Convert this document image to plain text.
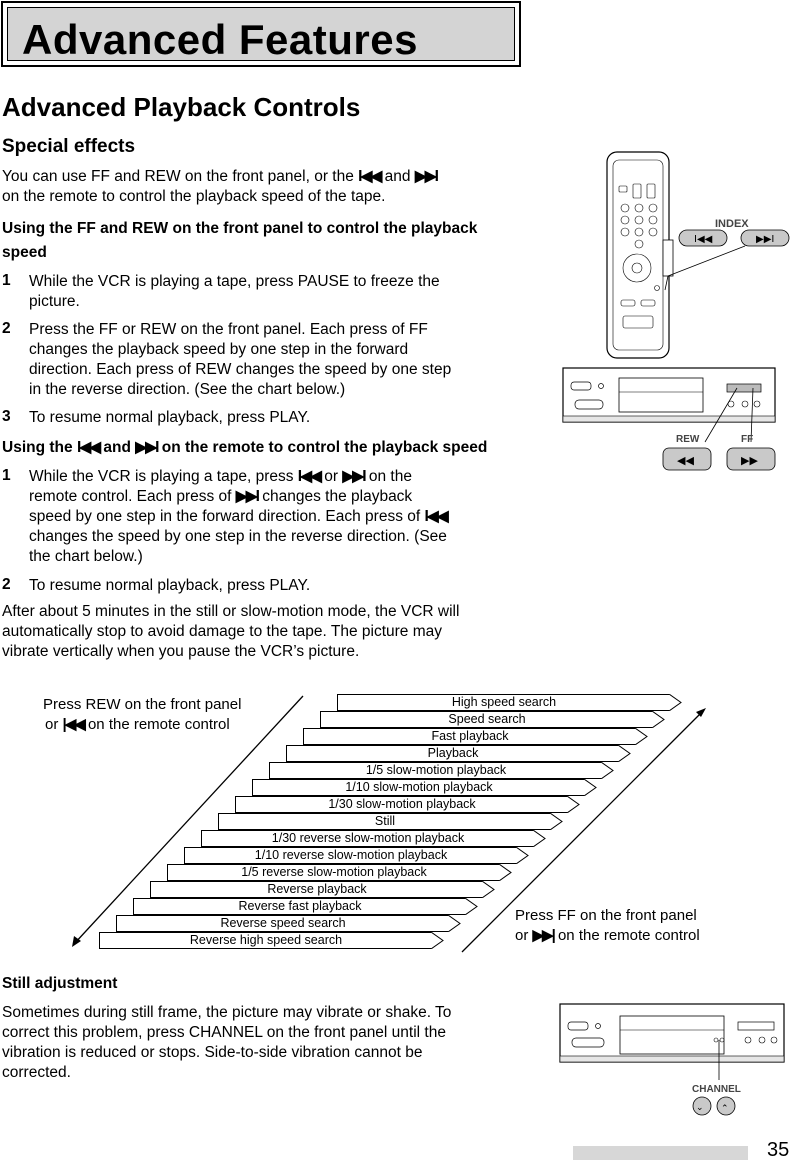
Advanced Features
Advanced Playback Controls
Special effects
You can use FF and REW on the front panel, or the I◀◀ and ▶▶I
on the remote to control the playback speed of the tape.
Using the FF and REW on the front panel to control the playback
speed
1 While the VCR is playing a tape, press PAUSE to freeze the
picture.
2 Press the FF or REW on the front panel. Each press of FF
changes the playback speed by one step in the forward
direction. Each press of REW changes the speed by one step
in the reverse direction. (See the chart below.)
3 To resume normal playback, press PLAY.
Using the I◀◀ and ▶▶I on the remote to control the playback speed
1 While the VCR is playing a tape, press I◀◀ or ▶▶I on the
remote control. Each press of ▶▶I changes the playback
speed by one step in the forward direction. Each press of I◀◀
changes the speed by one step in the reverse direction. (See
the chart below.)
2 To resume normal playback, press PLAY.
After about 5 minutes in the still or slow-motion mode, the VCR will
automatically stop to avoid damage to the tape. The picture may
vibrate vertically when you pause the VCR’s picture.
INDEX
I◀◀	▶▶I
REW	FF
◀◀	▶▶
Press REW on the front panel
or |◀◀ on the remote control
Press FF on the front panel
or ▶▶| on the remote control
High speed search
Speed search
Fast playback
Playback
1/5 slow-motion playback
1/10 slow-motion playback
1/30 slow-motion playback
Still
1/30 reverse slow-motion playback
1/10 reverse slow-motion playback
1/5 reverse slow-motion playback
Reverse playback
Reverse fast playback
Reverse speed search
Reverse high speed search
Still adjustment
Sometimes during still frame, the picture may vibrate or shake. To
correct this problem, press CHANNEL on the front panel until the
vibration is reduced or stops. Side-to-side vibration cannot be
corrected.
CHANNEL
⌄ ⌃
35
